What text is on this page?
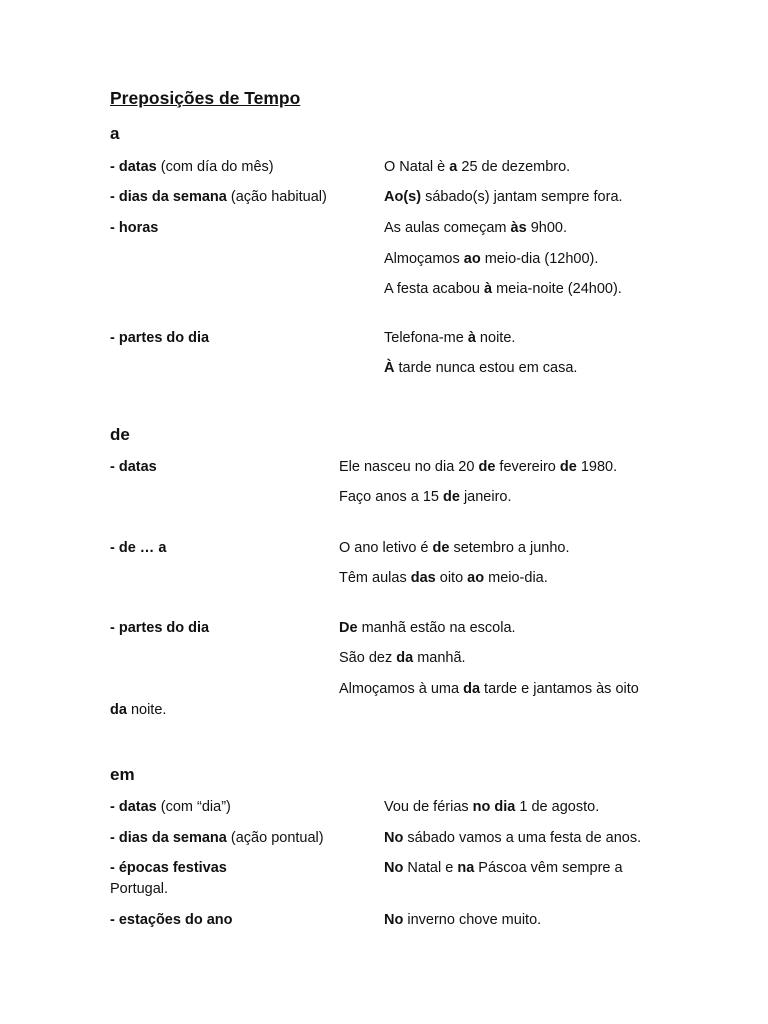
Preposições de Tempo
a
- datas (com día do mês)	O Natal è a 25 de dezembro.
- dias da semana (ação habitual)	Ao(s) sábado(s) jantam sempre fora.
- horas	As aulas começam às 9h00.
Almoçamos ao meio-dia (12h00).
A festa acabou à meia-noite (24h00).
- partes do dia	Telefona-me à noite.
À tarde nunca estou em casa.
de
- datas	Ele nasceu no dia 20 de fevereiro de 1980.
Faço anos a 15 de janeiro.
- de … a	O ano letivo é de setembro a junho.
Têm aulas das oito ao meio-dia.
- partes do dia	De manhã estão na escola.
São dez da manhã.
Almoçamos à uma da tarde e jantamos às oito
da noite.
em
- datas (com “dia”)	Vou de férias no dia 1 de agosto.
- dias da semana (ação pontual)	No sábado vamos a uma festa de anos.
- épocas festivas	No Natal e na Páscoa vêm sempre a
Portugal.
- estações do ano	No inverno chove muito.
